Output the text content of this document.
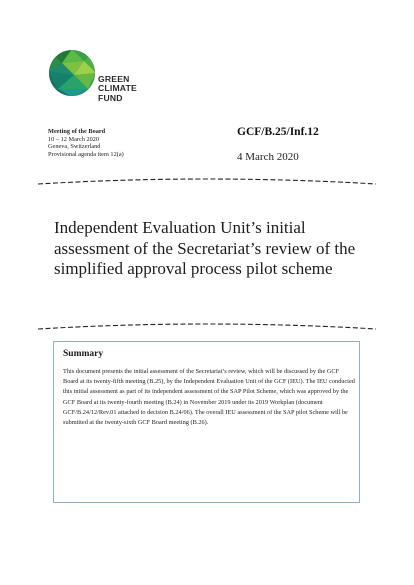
GREEN
CLIMATE
FUND
Meeting of the Board
10 – 12 March 2020
Geneva, Switzerland
Provisional agenda item 12(a)
GCF/B.25/Inf.12
4 March 2020
Independent Evaluation Unit’s initial assessment of the Secretariat’s review of the simplified approval process pilot scheme
Summary
This document presents the initial assessment of the Secretariat’s review, which will be discussed by the GCF Board at its twenty-fifth meeting (B.25), by the Independent Evaluation Unit of the GCF (IEU). The IEU conducted this initial assessment as part of its independent assessment of the SAP Pilot Scheme, which was approved by the GCF Board at its twenty-fourth meeting (B.24) in November 2019 under its 2019 Workplan (document GCF/B.24/12/Rev.01 attached to decision B.24/06). The overall IEU assessment of the SAP pilot Scheme will be submitted at the twenty-sixth GCF Board meeting (B.26).
